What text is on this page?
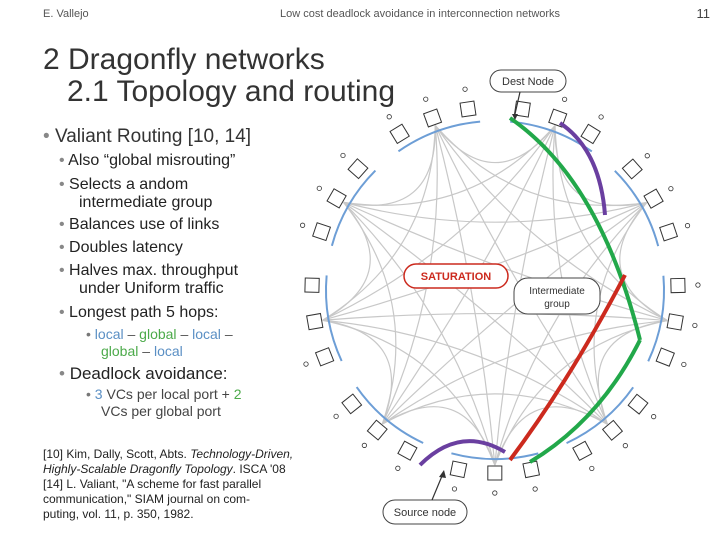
E. Vallejo	Low cost deadlock avoidance in interconnection networks	11
2 Dragonfly networks
2.1 Topology and routing
• Valiant Routing [10, 14]
• Also “global misrouting”
• Selects a andom
intermediate group
• Balances use of links
• Doubles latency
• Halves max. throughput
under Uniform traffic
• Longest path 5 hops:
• local – global – local –
global – local
• Deadlock avoidance:
• 3 VCs per local port + 2
VCs per global port
[10] Kim, Dally, Scott, Abts. Technology-Driven,
Highly-Scalable Dragonfly Topology. ISCA '08
[14] L. Valiant, "A scheme for fast parallel
communication," SIAM journal on com-
puting, vol. 11, p. 350, 1982.
Dest Node
Source node
SATURATION
Intermediate
group
